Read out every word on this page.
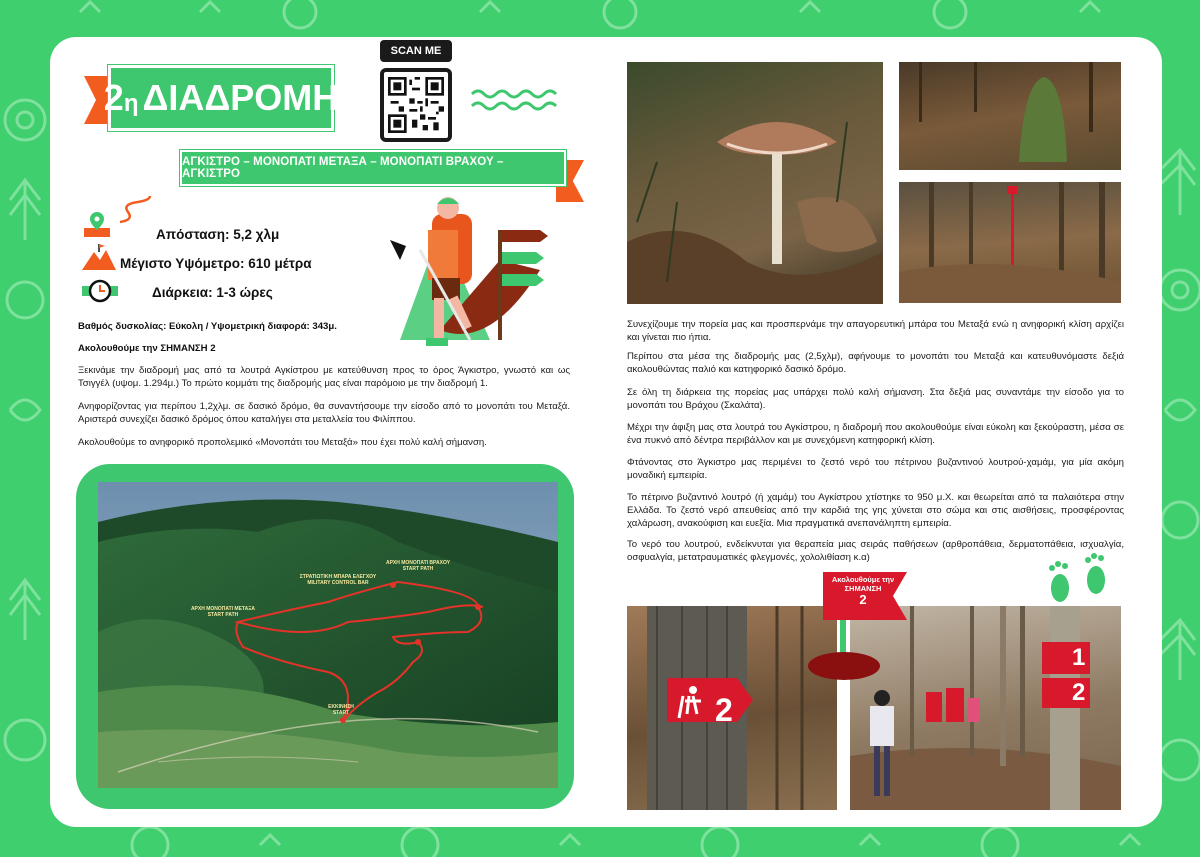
2 η ΔΙΑΔΡΟΜΗ
SCAN ME
ΑΓΚΙΣΤΡΟ – ΜΟΝΟΠΑΤΙ ΜΕΤΑΞΑ – ΜΟΝΟΠΑΤΙ ΒΡΑΧΟΥ – ΑΓΚΙΣΤΡΟ
Απόσταση: 5,2 χλμ
Μέγιστο Υψόμετρο: 610 μέτρα
Διάρκεια: 1-3 ώρες
Βαθμός δυσκολίας: Εύκολη / Υψομετρική διαφορά: 343μ.
Ακολουθούμε την ΣΗΜΑΝΣΗ 2
Ξεκινάμε την διαδρομή μας από τα λουτρά Αγκίστρου με κατεύθυνση προς το όρος Άγκιστρο, γνωστό και ως Τσιγγέλ (υψομ. 1.294μ.) Το πρώτο κομμάτι της διαδρομής μας είναι παρόμοιο με την διαδρομή 1.
Ανηφορίζοντας για περίπου 1,2χλμ. σε δασικό δρόμο, θα συναντήσουμε την είσοδο από το μονοπάτι του Μεταξά. Αριστερά συνεχίζει δασικό δρόμος όπου καταλήγει στα μεταλλεία του Φιλίππου.
Ακολουθούμε το ανηφορικό προπολεμικό «Μονοπάτι του Μεταξά» που έχει πολύ καλή σήμανση.
ΑΡΧΗ ΜΟΝΟΠΑΤΙ ΒΡΑΧΟΥ
START PATH
ΣΤΡΑΤΙΩΤΙΚΗ ΜΠΑΡΑ ΕΛΕΓΧΟΥ
MILITARY CONTROL BAR
ΑΡΧΗ ΜΟΝΟΠΑΤΙ ΜΕΤΑΞΑ
START PATH
ΕΚΚΙΝΗΣΗ
START
Συνεχίζουμε την πορεία μας και προσπερνάμε την απαγορευτική μπάρα του Μεταξά ενώ η ανηφορική κλίση αρχίζει και γίνεται πιο ήπια.
Περίπου στα μέσα της διαδρομής μας (2,5χλμ), αφήνουμε το μονοπάτι του Μεταξά και κατευθυνόμαστε δεξιά ακολουθώντας παλιό και κατηφορικό δασικό δρόμο.
Σε όλη τη διάρκεια της πορείας μας υπάρχει πολύ καλή σήμανση. Στα δεξιά μας συναντάμε την είσοδο για το μονοπάτι του Βράχου (Σκαλάτα).
Μέχρι την άφιξη μας στα λουτρά του Αγκίστρου, η διαδρομή που ακολουθούμε είναι εύκολη και ξεκούραστη, μέσα σε ένα πυκνό από δέντρα περιβάλλον και με συνεχόμενη κατηφορική κλίση.
Φτάνοντας στο Άγκιστρο μας περιμένει το ζεστό νερό του πέτρινου βυζαντινού λουτρού-χαμάμ, για μία ακόμη μοναδική εμπειρία.
Το πέτρινο βυζαντινό λουτρό (ή χαμάμ) του Αγκίστρου χτίστηκε το 950 μ.Χ. και θεωρείται από τα παλαιότερα στην Ελλάδα. Το ζεστό νερό απευθείας από την καρδιά της γης χύνεται στο σώμα και στις αισθήσεις, προσφέροντας χαλάρωση, ανακούφιση και ευεξία. Μια πραγματικά ανεπανάληπτη εμπειρία.
Το νερό του λουτρού, ενδείκνυται για θεραπεία μιας σειράς παθήσεων (αρθροπάθεια, δερματοπάθεια, ισχυαλγία, οσφυαλγία, μετατραυματικές φλεγμονές, χολολιθίαση κ.α)
2
1
2
Ακολουθούμε την
ΣΗΜΑΝΣΗ
2
